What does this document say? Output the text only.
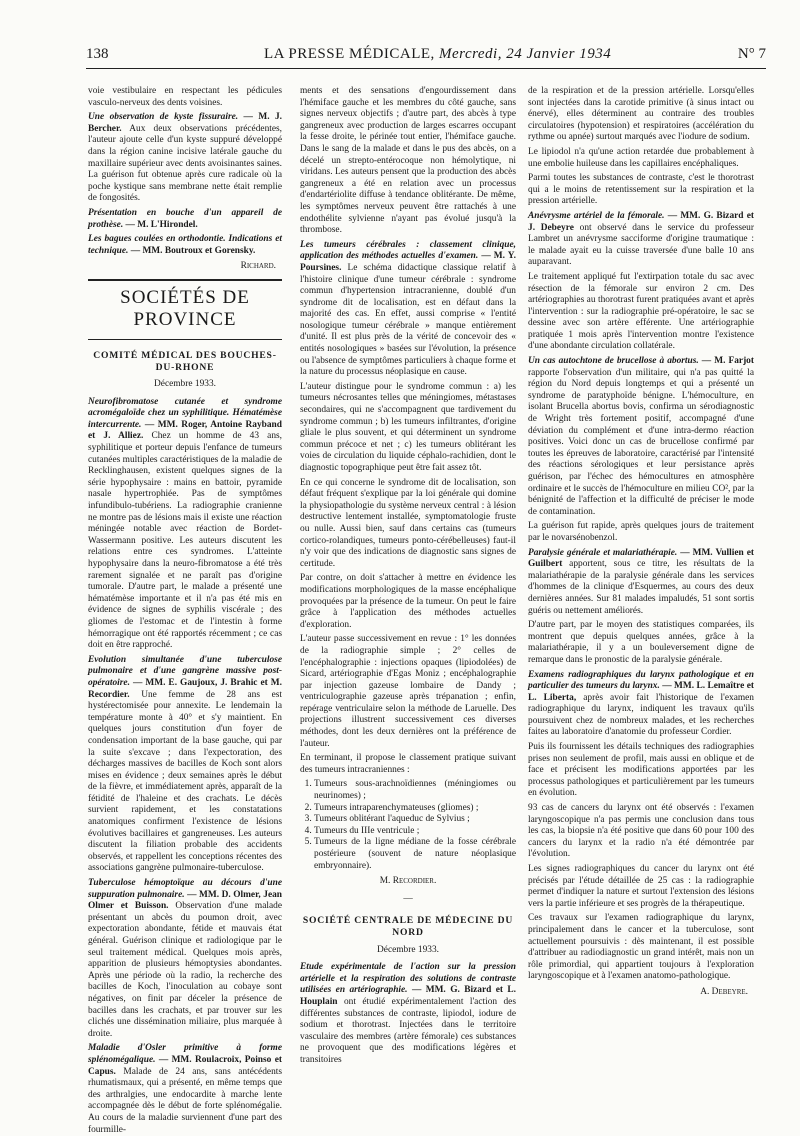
138	LA PRESSE MÉDICALE, Mercredi, 24 Janvier 1934	N° 7

voie vestibulaire en respectant les pédicules vasculo-nerveux des dents voisines.

Une observation de kyste fissuraire. — M. J. Bercher. Aux deux observations précédentes, l'auteur ajoute celle d'un kyste suppuré développé dans la région canine incisive latérale gauche du maxillaire supérieur avec dents avoisinantes saines. La guérison fut obtenue après cure radicale où la poche kystique sans membrane nette était remplie de fongosités.

Présentation en bouche d'un appareil de prothèse. — M. L'Hirondel.

Les bagues coulées en orthodontie. Indications et technique. — MM. Boutroux et Gorensky.

Richard.
SOCIÉTÉS DE PROVINCE
COMITÉ MÉDICAL DES BOUCHES-DU-RHONE
Décembre 1933.

Neurofibromatose cutanée et syndrome acromégaloïde chez un syphilitique. Hématémèse intercurrente. — MM. Roger, Antoine Rayband et J. Alliez. Chez un homme de 43 ans, syphilitique et porteur depuis l'enfance de tumeurs cutanées multiples caractéristiques de la maladie de Recklinghausen, existent quelques signes de la série hypophysaire : mains en battoir, pyramide nasale hypertrophiée. Pas de symptômes infundibulo-tubériens. La radiographie cranienne ne montre pas de lésions mais il existe une réaction méningée notable avec réaction de Bordet-Wassermann positive. Les auteurs discutent les relations entre ces syndromes. L'atteinte hypophysaire dans la neuro-fibromatose a été très rarement signalée et ne paraît pas d'origine tumorale. D'autre part, le malade a présenté une hématémèse importante et il n'a pas été mis en évidence de signes de syphilis viscérale ; des gliomes de l'estomac et de l'intestin à forme hémorragique ont été rapportés récemment ; ce cas doit en être rapproché.

Evolution simultanée d'une tuberculose pulmonaire et d'une gangrène massive post-opératoire. — MM. E. Gaujoux, J. Brahic et M. Recordier. Une femme de 28 ans est hystérectomisée pour annexite. Le lendemain la température monte à 40° et s'y maintient. En quelques jours constitution d'un foyer de condensation important de la base gauche, qui par la suite s'excave ; dans l'expectoration, des décharges massives de bacilles de Koch sont alors mises en évidence ; deux semaines après le début de la fièvre, et immédiatement après, apparaît de la fétidité de l'haleine et des crachats. Le décès survient rapidement, et les constatations anatomiques confirment l'existence de lésions évolutives bacillaires et gangreneuses. Les auteurs discutent la filiation probable des accidents observés, et rappellent les conceptions récentes des associations gangrène pulmonaire-tuberculose.

Tuberculose hémoptoïque au décours d'une suppuration pulmonaire. — MM. D. Olmer, Jean Olmer et Buisson. Observation d'une malade présentant un abcès du poumon droit, avec expectoration abondante, fétide et mauvais état général. Guérison clinique et radiologique par le seul traitement médical. Quelques mois après, apparition de plusieurs hémoptysies abondantes. Après une période où la radio, la recherche des bacilles de Koch, l'inoculation au cobaye sont négatives, on finit par déceler la présence de bacilles dans les crachats, et par trouver sur les clichés une dissémination miliaire, plus marquée à droite.

Maladie d'Osler primitive à forme splénomégalique. — MM. Roulacroix, Poinso et Capus. Malade de 24 ans, sans antécédents rhumatismaux, qui a présenté, en même temps que des arthralgies, une endocardite à marche lente accompagnée dès le début de forte splénomégalie. Au cours de la maladie surviennent d'une part des fourmille-

ments et des sensations d'engourdissement dans l'hémiface gauche et les membres du côté gauche, sans signes nerveux objectifs ; d'autre part, des abcès à type gangreneux avec production de larges escarres occupant la fesse droite, le périnée tout entier, l'hémiface gauche. Dans le sang de la malade et dans le pus des abcès, on a décelé un strepto-entérocoque non hémolytique, ni viridans. Les auteurs pensent que la production des abcès gangreneux a été en relation avec un processus d'endartériolite diffuse à tendance oblitérante. De même, les symptômes nerveux peuvent être rattachés à une endothélite sylvienne n'ayant pas évolué jusqu'à la thrombose.

Les tumeurs cérébrales : classement clinique, application des méthodes actuelles d'examen. — M. Y. Poursines. Le schéma didactique classique relatif à l'histoire clinique d'une tumeur cérébrale : syndrome commun d'hypertension intracranienne, doublé d'un syndrome dit de localisation, est en défaut dans la majorité des cas. En effet, aussi comprise « l'entité nosologique tumeur cérébrale » manque entièrement d'unité. Il est plus près de la vérité de concevoir des « entités nosologiques » basées sur l'évolution, la présence ou l'absence de symptômes particuliers à chaque forme et la nature du processus néoplasique en cause.

L'auteur distingue pour le syndrome commun : a) les tumeurs nécrosantes telles que méningiomes, métastases secondaires, qui ne s'accompagnent que tardivement du syndrome commun ; b) les tumeurs infiltrantes, d'origine gliale le plus souvent, et qui déterminent un syndrome commun précoce et net ; c) les tumeurs oblitérant les voies de circulation du liquide céphalo-rachidien, dont le diagnostic topographique peut être fait assez tôt.

En ce qui concerne le syndrome dit de localisation, son défaut fréquent s'explique par la loi générale qui domine la physiopathologie du système nerveux central : à lésion destructive lentement installée, symptomatologie fruste ou nulle. Aussi bien, sauf dans certains cas (tumeurs cortico-rolandiques, tumeurs ponto-cérébelleuses) faut-il n'y voir que des indications de diagnostic sans signes de certitude.

Par contre, on doit s'attacher à mettre en évidence les modifications morphologiques de la masse encéphalique provoquées par la présence de la tumeur. On peut le faire grâce à l'application des méthodes actuelles d'exploration.

L'auteur passe successivement en revue : 1° les données de la radiographie simple ; 2° celles de l'encéphalographie : injections opaques (lipiodolées) de Sicard, artériographie d'Egas Moniz ; encéphalographie par injection gazeuse lombaire de Dandy ; ventriculographie gazeuse après trépanation ; enfin, repérage ventriculaire selon la méthode de Laruelle. Des projections illustrent successivement ces diverses méthodes, dont les deux dernières ont la préférence de l'auteur.

En terminant, il propose le classement pratique suivant des tumeurs intracraniennes :

1. Tumeurs sous-arachnoïdiennes (méningiomes ou neurinomes) ;
2. Tumeurs intraparenchymateuses (gliomes) ;
3. Tumeurs oblitérant l'aqueduc de Sylvius ;
4. Tumeurs du IIIe ventricule ;
5. Tumeurs de la ligne médiane de la fosse cérébrale postérieure (souvent de nature néoplasique embryonnaire).
M. Recordier.
—
SOCIÉTÉ CENTRALE DE MÉDECINE DU NORD
Décembre 1933.

Etude expérimentale de l'action sur la pression artérielle et la respiration des solutions de contraste utilisées en artériographie. — MM. G. Bizard et L. Houplain ont étudié expérimentalement l'action des différentes substances de contraste, lipiodol, iodure de sodium et thorotrast. Injectées dans le territoire vasculaire des membres (artère fémorale) ces substances ne provoquent que des modifications légères et transitoires

de la respiration et de la pression artérielle. Lorsqu'elles sont injectées dans la carotide primitive (à sinus intact ou énervé), elles déterminent au contraire des troubles circulatoires (hypotension) et respiratoires (accélération du rythme ou apnée) surtout marqués avec l'iodure de sodium.

Le lipiodol n'a qu'une action retardée due probablement à une embolie huileuse dans les capillaires encéphaliques.

Parmi toutes les substances de contraste, c'est le thorotrast qui a le moins de retentissement sur la respiration et la pression artérielle.

Anévrysme artériel de la fémorale. — MM. G. Bizard et J. Debeyre ont observé dans le service du professeur Lambret un anévrysme sacciforme d'origine traumatique : le malade ayait eu la cuisse traversée d'une balle 10 ans auparavant.

Le traitement appliqué fut l'extirpation totale du sac avec résection de la fémorale sur environ 2 cm. Des artériographies au thorotrast furent pratiquées avant et après l'intervention : sur la radiographie pré-opératoire, le sac se dessine avec son artère efférente. Une artériographie pratiquée 1 mois après l'intervention montre l'existence d'une abondante circulation collatérale.

Un cas autochtone de brucellose à abortus. — M. Farjot rapporte l'observation d'un militaire, qui n'a pas quitté la région du Nord depuis longtemps et qui a présenté un syndrome de paratyphoïde bénigne. L'hémoculture, en isolant Brucella abortus bovis, confirma un sérodiagnostic de Wright très fortement positif, accompagné d'une déviation du complément et d'une intra-dermo réaction positives. Voici donc un cas de brucellose confirmé par toutes les épreuves de laboratoire, caractérisé par l'intensité des réactions sérologiques et leur persistance après guérison, par l'échec des hémocultures en atmosphère ordinaire et le succès de l'hémoculture en milieu CO², par la bénignité de l'affection et la difficulté de préciser le mode de contamination.

La guérison fut rapide, après quelques jours de traitement par le novarsénobenzol.

Paralysie générale et malariathérapie. — MM. Vullien et Guilbert apportent, sous ce titre, les résultats de la malariathérapie de la paralysie générale dans les services d'hommes de la clinique d'Esquermes, au cours des deux dernières années. Sur 81 malades impaludés, 51 sont sortis guéris ou nettement améliorés.

D'autre part, par le moyen des statistiques comparées, ils montrent que depuis quelques années, grâce à la malariathérapie, il y a un bouleversement digne de remarque dans le pronostic de la paralysie générale.

Examens radiographiques du larynx pathologique et en particulier des tumeurs du larynx. — MM. L. Lemaître et L. Liberta, après avoir fait l'historique de l'examen radiographique du larynx, indiquent les travaux qu'ils poursuivent chez de nombreux malades, et les recherches faites au laboratoire d'anatomie du professeur Cordier.

Puis ils fournissent les détails techniques des radiographies prises non seulement de profil, mais aussi en oblique et de face et précisent les modifications apportées par les processus pathologiques et particulièrement par les tumeurs en évolution.

93 cas de cancers du larynx ont été observés : l'examen laryngoscopique n'a pas permis une conclusion dans tous les cas, la biopsie n'a été positive que dans 60 pour 100 des cancers du larynx et la radio n'a été démontrée par l'évolution.

Les signes radiographiques du cancer du larynx ont été précisés par l'étude détaillée de 25 cas : la radiographie permet d'indiquer la nature et surtout l'extension des lésions vers la partie inférieure et ses progrès de la thérapeutique.

Ces travaux sur l'examen radiographique du larynx, principalement dans le cancer et la tuberculose, sont actuellement poursuivis : dès maintenant, il est possible d'attribuer au radiodiagnostic un grand intérêt, mais non un rôle primordial, qui appartient toujours à l'exploration laryngoscopique et à l'examen anatomo-pathologique.

A. Debeyre.
